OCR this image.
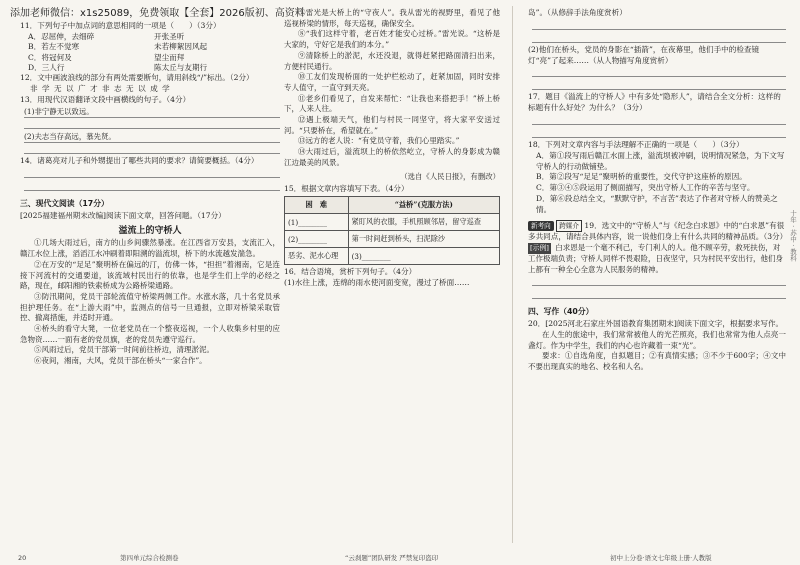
添加老师微信：x1s25089，免费领取【全套】2026版初、高资料

11．下列句子中加点词的意思相同的一项是（　　）（3分）

A．忍屈伸，去细碎	开张圣听
B．若左不觉寒	未若柳絮因风起
C．将冠何及	望尘而拜
D．三人行	陈太丘与友期行

12．文中画波浪线的部分有两处需要断句，请用斜线“/”标出。（2分）

非 学 无 以 广 才 非 志 无 以 成 学

13．用现代汉语翻译文段中画横线的句子。（4分）

(1)非宁静无以致远。

(2)夫志当存高远，慕先贤。

14．诸葛亮对儿子和外甥提出了哪些共同的要求？请简要概括。（4分）

三、现代文阅读（17分）

[2025福建福州期末改编]阅读下面文章，回答问题。（17分）

溢流上的守桥人

①几场大雨过后，南方的山乡间骤然暴涨。在江西省万安县，支流汇入，赣江水位上涨，滔滔江水冲刷着即阳溯的溢流坝，桥下的水流越发湍急。

②在万安的“足足”聚明桥在偏远的汀，仿佛一体，“担担”着湘南，它是连接下河流村的交通要道，该流域村民出行的依靠，也是学生们上学的必经之路，现在，邮阳湘的铁索桥成为公路桥梁通路。

③防汛期间，党员干部轮流值守桥梁两侧工作。水涨水落，几十名党员承担护理任务。在“上游大雨”中，监测点的信号一旦通报，立即对桥梁采取管控、撤离措施，并适时开通。

④桥头的看守大凳，一位老党员在一个整夜巡视，一个人收集乡村里的应急物资……一面有老的党员旗，老的党员先遵守巡行。

⑤风雨过后，党员干部第一时间前往桥边，清理淤泥。

⑥夜间，湘南，大风，党员干部在桥头“一家合作”。

⑦雷光是大桥上的“守夜人”。我从雷光的视野里，看见了他巡视桥梁的情形，每天巡视，确保安全。

⑧“我们这样守着，老百姓才能安心过桥。”雷光说。“这桥是大家的，守好它是我们的本分。”

⑨清除桥上的淤泥，水还没退，就得赶紧把路面清扫出来，方便村民通行。

⑩工友们发现桥面的一处护栏松动了，赶紧加固，同时安排专人值守，一直守到天亮。

⑪老乡们看见了，自发来帮忙：“让我也来搭把手！”桥上桥下，人来人往。

⑫遇上极端天气，他们与村民一同坚守，将大家平安送过河。“只要桥在，希望就在。”

⑬远方的老人说：“有党员守着，我们心里踏实。”

⑭大雨过后，溢流坝上的桥依然屹立，守桥人的身影成为赣江边最美的风景。

（选自《人民日报》，有删改）

15．根据文章内容填写下表。（4分）

困　难	“益桥”(克服方法)
(1)________	紧盯风的衣服，手机照顾邻居，留守巡查
(2)________	第一时间赶到桥头，扫泥除沙
恶劣、泥水心理	(3)________

16．结合语境，赏析下列句子。（4分）

(1)水往上涨，连绵的雨水使河面变宽，漫过了桥面……

岛”。（从修辞手法角度赏析）

(2)他们在桥头，党员的身影在“插箭”，在夜幕里，他们手中的检查镜灯“亮”了起来……（从人物描写角度赏析）

17．题目《溢流上的守桥人》中有多处“隐形人”，请结合全文分析：这样的标题有什么好处？为什么？（3分）

18．下列对文章内容与手法理解不正确的一项是（　　）（3分）

A．第①段写雨后赣江水面上涨，溢流坝被冲刷，说明情况紧急，为下文写守桥人的行动做铺垫。

B．第②段写“足足”聚明桥的重要性，交代守护这座桥的原因。

C．第③④⑤段运用了侧面描写，突出守桥人工作的辛苦与坚守。

D．第⑥段总结全文，“默默守护，不言苦”表达了作者对守桥人的赞美之情。

新考向 跨媒介 19．选文中的“守桥人”与《纪念白求恩》中的“白求恩”有很多共同点，请结合具体内容，说一说他们身上有什么共同的精神品质。（3分）

[示例] 白求恩是一个毫不利己，专门利人的人。他不顾辛劳，救死扶伤，对工作极端负责；守桥人同样不畏艰险，日夜坚守，只为村民平安出行，他们身上都有一种全心全意为人民服务的精神。

四、写作（40分）

20．[2025河北石家庄外国语教育集团期末]阅读下面文字，根据要求写作。

在人生的旅途中，我们常常被他人的光芒照亮，我们也常常为他人点亮一盏灯。作为中学生，我们的内心也许藏着一束“光”。

要求：①自选角度，自拟题目；②有真情实感；③不少于600字；④文中不要出现真实的地名、校名和人名。

十年 · 苏中 · 教科
20	第四单元综合检测卷	“云刹题”团队研发 严禁复印盗印	初中上分卷·语文七年级上册·人教版
